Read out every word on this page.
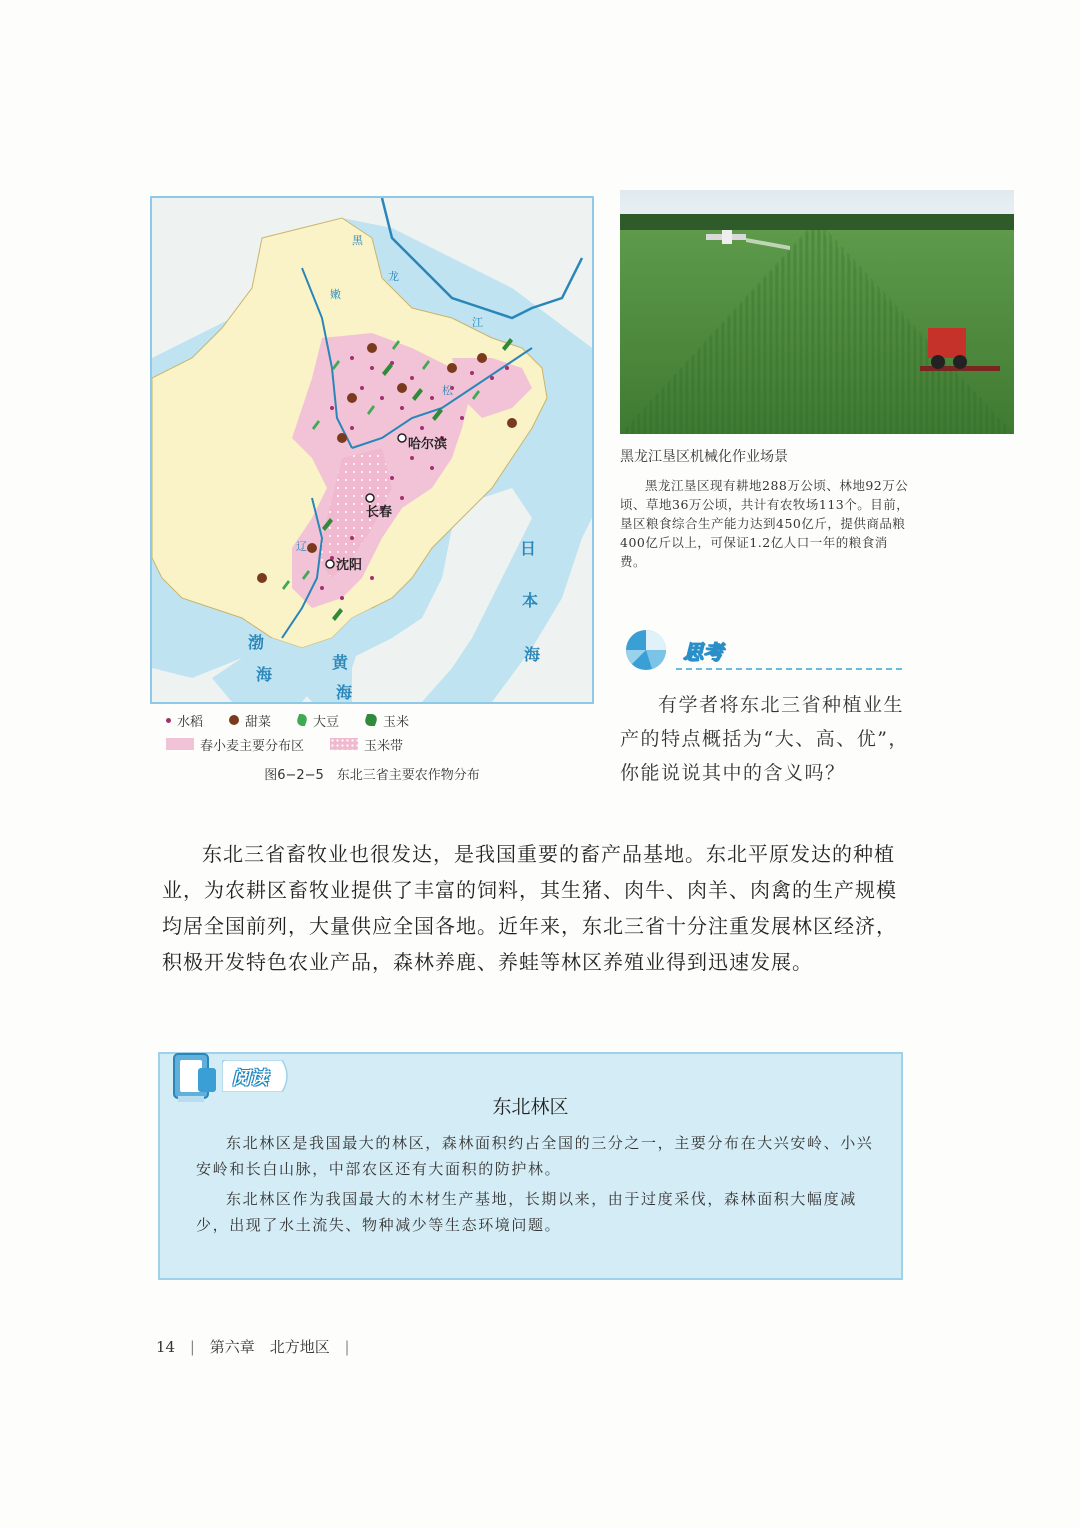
哈尔滨
长春
沈阳
渤
海
黄
海
日
本
海
黑
龙
江
嫩
松
辽
水稻	甜菜	大豆	玉米
春小麦主要分布区	玉米带
图6−2−5　东北三省主要农作物分布
黑龙江垦区机械化作业场景
黑龙江垦区现有耕地288万公顷、林地92万公顷、草地36万公顷，共计有农牧场113个。目前，垦区粮食综合生产能力达到450亿斤，提供商品粮400亿斤以上，可保证1.2亿人口一年的粮食消费。
思考
有学者将东北三省种植业生产的特点概括为“大、高、优”，你能说说其中的含义吗？
东北三省畜牧业也很发达，是我国重要的畜产品基地。东北平原发达的种植业，为农耕区畜牧业提供了丰富的饲料，其生猪、肉牛、肉羊、肉禽的生产规模均居全国前列，大量供应全国各地。近年来，东北三省十分注重发展林区经济，积极开发特色农业产品，森林养鹿、养蛙等林区养殖业得到迅速发展。
阅读
东北林区
东北林区是我国最大的林区，森林面积约占全国的三分之一，主要分布在大兴安岭、小兴安岭和长白山脉，中部农区还有大面积的防护林。
东北林区作为我国最大的木材生产基地，长期以来，由于过度采伐，森林面积大幅度减少，出现了水土流失、物种减少等生态环境问题。
14 | 第六章　北方地区 |
